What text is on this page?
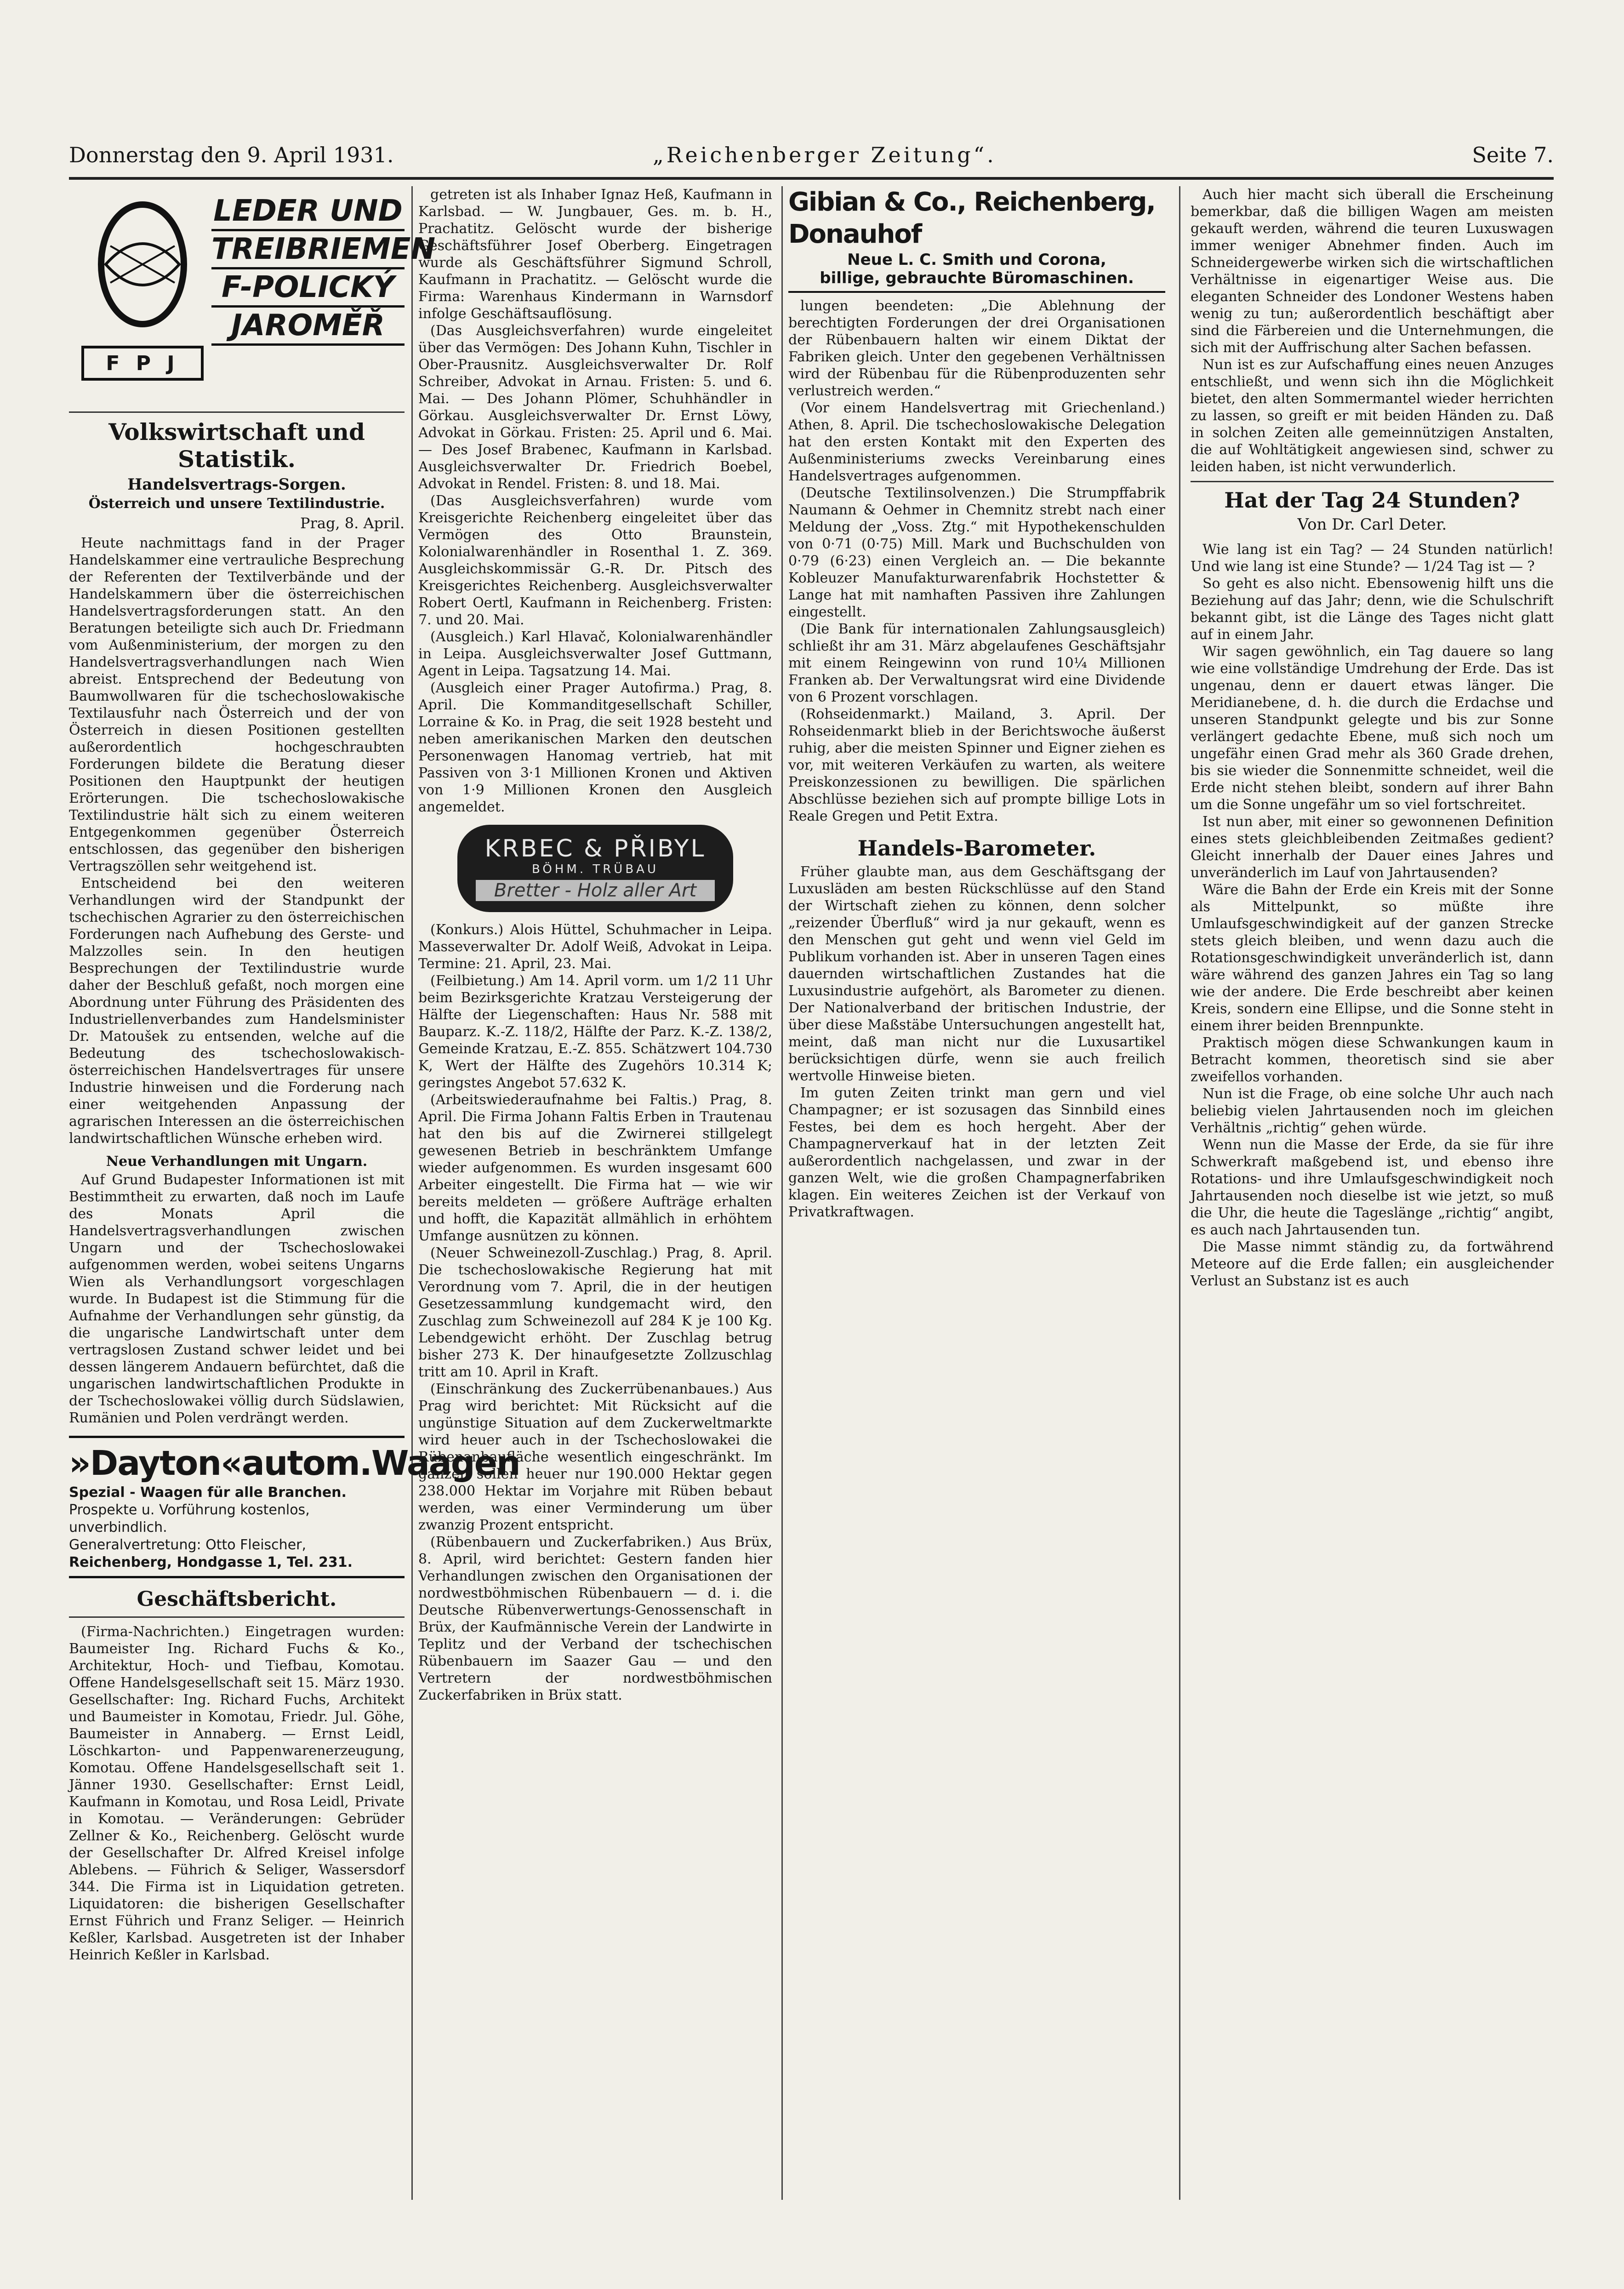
Donnerstag den 9. April 1931.	„Reichenberger Zeitung“.	Seite 7.
LEDER UND
TREIBRIEMEN
F-POLICKÝ
JAROMĚŘ
F P J
Volkswirtschaft und Statistik.
Handelsvertrags-Sorgen.
Österreich und unsere Textilindustrie.
Prag, 8. April.

Heute nachmittags fand in der Prager Handelskammer eine vertrauliche Besprechung der Referenten der Textilverbände und der Handelskammern über die österreichischen Handelsvertragsforderungen statt. An den Beratungen beteiligte sich auch Dr. Friedmann vom Außenministerium, der morgen zu den Handelsvertragsverhandlungen nach Wien abreist. Entsprechend der Bedeutung von Baumwollwaren für die tschechoslowakische Textilausfuhr nach Österreich und der von Österreich in diesen Positionen gestellten außerordentlich hochgeschraubten Forderungen bildete die Beratung dieser Positionen den Hauptpunkt der heutigen Erörterungen. Die tschechoslowakische Textilindustrie hält sich zu einem weiteren Entgegenkommen gegenüber Österreich entschlossen, das gegenüber den bisherigen Vertragszöllen sehr weitgehend ist.

Entscheidend bei den weiteren Verhandlungen wird der Standpunkt der tschechischen Agrarier zu den österreichischen Forderungen nach Aufhebung des Gerste- und Malzzolles sein. In den heutigen Besprechungen der Textilindustrie wurde daher der Beschluß gefaßt, noch morgen eine Abordnung unter Führung des Präsidenten des Industriellenverbandes zum Handelsminister Dr. Matoušek zu entsenden, welche auf die Bedeutung des tschechoslowakisch-österreichischen Handelsvertrages für unsere Industrie hinweisen und die Forderung nach einer weitgehenden Anpassung der agrarischen Interessen an die österreichischen landwirtschaftlichen Wünsche erheben wird.

Neue Verhandlungen mit Ungarn.

Auf Grund Budapester Informationen ist mit Bestimmtheit zu erwarten, daß noch im Laufe des Monats April die Handelsvertragsverhandlungen zwischen Ungarn und der Tschechoslowakei aufgenommen werden, wobei seitens Ungarns Wien als Verhandlungsort vorgeschlagen wurde. In Budapest ist die Stimmung für die Aufnahme der Verhandlungen sehr günstig, da die ungarische Landwirtschaft unter dem vertragslosen Zustand schwer leidet und bei dessen längerem Andauern befürchtet, daß die ungarischen landwirtschaftlichen Produkte in der Tschechoslowakei völlig durch Südslawien, Rumänien und Polen verdrängt werden.

»Dayton«autom.Waagen
Spezial - Waagen für alle Branchen.
Prospekte u. Vorführung kostenlos, unverbindlich.
Generalvertretung: Otto Fleischer,
Reichenberg, Hondgasse 1, Tel. 231.
Geschäftsbericht.

(Firma-Nachrichten.) Eingetragen wurden: Baumeister Ing. Richard Fuchs & Ko., Architektur, Hoch- und Tiefbau, Komotau. Offene Handelsgesellschaft seit 15. März 1930. Gesellschafter: Ing. Richard Fuchs, Architekt und Baumeister in Komotau, Friedr. Jul. Göhe, Baumeister in Annaberg. — Ernst Leidl, Löschkarton- und Pappenwarenerzeugung, Komotau. Offene Handelsgesellschaft seit 1. Jänner 1930. Gesellschafter: Ernst Leidl, Kaufmann in Komotau, und Rosa Leidl, Private in Komotau. — Veränderungen: Gebrüder Zellner & Ko., Reichenberg. Gelöscht wurde der Gesellschafter Dr. Alfred Kreisel infolge Ablebens. — Führich & Seliger, Wassersdorf 344. Die Firma ist in Liquidation getreten. Liquidatoren: die bisherigen Gesellschafter Ernst Führich und Franz Seliger. — Heinrich Keßler, Karlsbad. Ausgetreten ist der Inhaber Heinrich Keßler in Karlsbad.

getreten ist als Inhaber Ignaz Heß, Kaufmann in Karlsbad. — W. Jungbauer, Ges. m. b. H., Prachatitz. Gelöscht wurde der bisherige Geschäftsführer Josef Oberberg. Eingetragen wurde als Geschäftsführer Sigmund Schroll, Kaufmann in Prachatitz. — Gelöscht wurde die Firma: Warenhaus Kindermann in Warnsdorf infolge Geschäftsauflösung.

(Das Ausgleichsverfahren) wurde eingeleitet über das Vermögen: Des Johann Kuhn, Tischler in Ober-Prausnitz. Ausgleichsverwalter Dr. Rolf Schreiber, Advokat in Arnau. Fristen: 5. und 6. Mai. — Des Johann Plömer, Schuhhändler in Görkau. Ausgleichsverwalter Dr. Ernst Löwy, Advokat in Görkau. Fristen: 25. April und 6. Mai. — Des Josef Brabenec, Kaufmann in Karlsbad. Ausgleichsverwalter Dr. Friedrich Boebel, Advokat in Rendel. Fristen: 8. und 18. Mai.

(Das Ausgleichsverfahren) wurde vom Kreisgerichte Reichenberg eingeleitet über das Vermögen des Otto Braunstein, Kolonialwarenhändler in Rosenthal 1. Z. 369. Ausgleichskommissär G.-R. Dr. Pitsch des Kreisgerichtes Reichenberg. Ausgleichsverwalter Robert Oertl, Kaufmann in Reichenberg. Fristen: 7. und 20. Mai.

(Ausgleich.) Karl Hlavač, Kolonialwarenhändler in Leipa. Ausgleichsverwalter Josef Guttmann, Agent in Leipa. Tagsatzung 14. Mai.

(Ausgleich einer Prager Autofirma.) Prag, 8. April. Die Kommanditgesellschaft Schiller, Lorraine & Ko. in Prag, die seit 1928 besteht und neben amerikanischen Marken den deutschen Personenwagen Hanomag vertrieb, hat mit Passiven von 3·1 Millionen Kronen und Aktiven von 1·9 Millionen Kronen den Ausgleich angemeldet.

KRBEC & PŘIBYL
BÖHM. TRÜBAU
Bretter - Holz aller Art

(Konkurs.) Alois Hüttel, Schuhmacher in Leipa. Masseverwalter Dr. Adolf Weiß, Advokat in Leipa. Termine: 21. April, 23. Mai.

(Feilbietung.) Am 14. April vorm. um 1/2 11 Uhr beim Bezirksgerichte Kratzau Versteigerung der Hälfte der Liegenschaften: Haus Nr. 588 mit Bauparz. K.-Z. 118/2, Hälfte der Parz. K.-Z. 138/2, Gemeinde Kratzau, E.-Z. 855. Schätzwert 104.730 K, Wert der Hälfte des Zugehörs 10.314 K; geringstes Angebot 57.632 K.

(Arbeitswiederaufnahme bei Faltis.) Prag, 8. April. Die Firma Johann Faltis Erben in Trautenau hat den bis auf die Zwirnerei stillgelegt gewesenen Betrieb in beschränktem Umfange wieder aufgenommen. Es wurden insgesamt 600 Arbeiter eingestellt. Die Firma hat — wie wir bereits meldeten — größere Aufträge erhalten und hofft, die Kapazität allmählich in erhöhtem Umfange ausnützen zu können.

(Neuer Schweinezoll-Zuschlag.) Prag, 8. April. Die tschechoslowakische Regierung hat mit Verordnung vom 7. April, die in der heutigen Gesetzessammlung kundgemacht wird, den Zuschlag zum Schweinezoll auf 284 K je 100 Kg. Lebendgewicht erhöht. Der Zuschlag betrug bisher 273 K. Der hinaufgesetzte Zollzuschlag tritt am 10. April in Kraft.

(Einschränkung des Zuckerrübenanbaues.) Aus Prag wird berichtet: Mit Rücksicht auf die ungünstige Situation auf dem Zuckerweltmarkte wird heuer auch in der Tschechoslowakei die Rübenanbaufläche wesentlich eingeschränkt. Im ganzen sollen heuer nur 190.000 Hektar gegen 238.000 Hektar im Vorjahre mit Rüben bebaut werden, was einer Verminderung um über zwanzig Prozent entspricht.

(Rübenbauern und Zuckerfabriken.) Aus Brüx, 8. April, wird berichtet: Gestern fanden hier Verhandlungen zwischen den Organisationen der nordwestböhmischen Rübenbauern — d. i. die Deutsche Rübenverwertungs-Genossenschaft in Brüx, der Kaufmännische Verein der Landwirte in Teplitz und der Verband der tschechischen Rübenbauern im Saazer Gau — und den Vertretern der nordwestböhmischen Zuckerfabriken in Brüx statt.

Gibian & Co., Reichenberg, Donauhof
Neue L. C. Smith und Corona,
billige, gebrauchte Büromaschinen.

lungen beendeten: „Die Ablehnung der berechtigten Forderungen der drei Organisationen der Rübenbauern halten wir einem Diktat der Fabriken gleich. Unter den gegebenen Verhältnissen wird der Rübenbau für die Rübenproduzenten sehr verlustreich werden.“

(Vor einem Handelsvertrag mit Griechenland.) Athen, 8. April. Die tschechoslowakische Delegation hat den ersten Kontakt mit den Experten des Außenministeriums zwecks Vereinbarung eines Handelsvertrages aufgenommen.

(Deutsche Textilinsolvenzen.) Die Strumpffabrik Naumann & Oehmer in Chemnitz strebt nach einer Meldung der „Voss. Ztg.“ mit Hypothekenschulden von 0·71 (0·75) Mill. Mark und Buchschulden von 0·79 (6·23) einen Vergleich an. — Die bekannte Kobleuzer Manufakturwarenfabrik Hochstetter & Lange hat mit namhaften Passiven ihre Zahlungen eingestellt.

(Die Bank für internationalen Zahlungsausgleich) schließt ihr am 31. März abgelaufenes Geschäftsjahr mit einem Reingewinn von rund 10¼ Millionen Franken ab. Der Verwaltungsrat wird eine Dividende von 6 Prozent vorschlagen.

(Rohseidenmarkt.) Mailand, 3. April. Der Rohseidenmarkt blieb in der Berichtswoche äußerst ruhig, aber die meisten Spinner und Eigner ziehen es vor, mit weiteren Verkäufen zu warten, als weitere Preiskonzessionen zu bewilligen. Die spärlichen Abschlüsse beziehen sich auf prompte billige Lots in Reale Gregen und Petit Extra.

Handels-Barometer.

Früher glaubte man, aus dem Geschäftsgang der Luxusläden am besten Rückschlüsse auf den Stand der Wirtschaft ziehen zu können, denn solcher „reizender Überfluß“ wird ja nur gekauft, wenn es den Menschen gut geht und wenn viel Geld im Publikum vorhanden ist. Aber in unseren Tagen eines dauernden wirtschaftlichen Zustandes hat die Luxusindustrie aufgehört, als Barometer zu dienen. Der Nationalverband der britischen Industrie, der über diese Maßstäbe Untersuchungen angestellt hat, meint, daß man nicht nur die Luxusartikel berücksichtigen dürfe, wenn sie auch freilich wertvolle Hinweise bieten.

Im guten Zeiten trinkt man gern und viel Champagner; er ist sozusagen das Sinnbild eines Festes, bei dem es hoch hergeht. Aber der Champagnerverkauf hat in der letzten Zeit außerordentlich nachgelassen, und zwar in der ganzen Welt, wie die großen Champagnerfabriken klagen. Ein weiteres Zeichen ist der Verkauf von Privatkraftwagen.

Auch hier macht sich überall die Erscheinung bemerkbar, daß die billigen Wagen am meisten gekauft werden, während die teuren Luxuswagen immer weniger Abnehmer finden. Auch im Schneidergewerbe wirken sich die wirtschaftlichen Verhältnisse in eigenartiger Weise aus. Die eleganten Schneider des Londoner Westens haben wenig zu tun; außerordentlich beschäftigt aber sind die Färbereien und die Unternehmungen, die sich mit der Auffrischung alter Sachen befassen.

Nun ist es zur Aufschaffung eines neuen Anzuges entschließt, und wenn sich ihn die Möglichkeit bietet, den alten Sommermantel wieder herrichten zu lassen, so greift er mit beiden Händen zu. Daß in solchen Zeiten alle gemeinnützigen Anstalten, die auf Wohltätigkeit angewiesen sind, schwer zu leiden haben, ist nicht verwunderlich.

Hat der Tag 24 Stunden?
Von Dr. Carl Deter.

Wie lang ist ein Tag? — 24 Stunden natürlich! Und wie lang ist eine Stunde? — 1/24 Tag ist — ?

So geht es also nicht. Ebensowenig hilft uns die Beziehung auf das Jahr; denn, wie die Schulschrift bekannt gibt, ist die Länge des Tages nicht glatt auf in einem Jahr.

Wir sagen gewöhnlich, ein Tag dauere so lang wie eine vollständige Umdrehung der Erde. Das ist ungenau, denn er dauert etwas länger. Die Meridianebene, d. h. die durch die Erdachse und unseren Standpunkt gelegte und bis zur Sonne verlängert gedachte Ebene, muß sich noch um ungefähr einen Grad mehr als 360 Grade drehen, bis sie wieder die Sonnenmitte schneidet, weil die Erde nicht stehen bleibt, sondern auf ihrer Bahn um die Sonne ungefähr um so viel fortschreitet.

Ist nun aber, mit einer so gewonnenen Definition eines stets gleichbleibenden Zeitmaßes gedient? Gleicht innerhalb der Dauer eines Jahres und unveränderlich im Lauf von Jahrtausenden?

Wäre die Bahn der Erde ein Kreis mit der Sonne als Mittelpunkt, so müßte ihre Umlaufsgeschwindigkeit auf der ganzen Strecke stets gleich bleiben, und wenn dazu auch die Rotationsgeschwindigkeit unveränderlich ist, dann wäre während des ganzen Jahres ein Tag so lang wie der andere. Die Erde beschreibt aber keinen Kreis, sondern eine Ellipse, und die Sonne steht in einem ihrer beiden Brennpunkte.

Praktisch mögen diese Schwankungen kaum in Betracht kommen, theoretisch sind sie aber zweifellos vorhanden.

Nun ist die Frage, ob eine solche Uhr auch nach beliebig vielen Jahrtausenden noch im gleichen Verhältnis „richtig“ gehen würde.

Wenn nun die Masse der Erde, da sie für ihre Schwerkraft maßgebend ist, und ebenso ihre Rotations- und ihre Umlaufsgeschwindigkeit noch Jahrtausenden noch dieselbe ist wie jetzt, so muß die Uhr, die heute die Tageslänge „richtig“ angibt, es auch nach Jahrtausenden tun.

Die Masse nimmt ständig zu, da fortwährend Meteore auf die Erde fallen; ein ausgleichender Verlust an Substanz ist es auch
